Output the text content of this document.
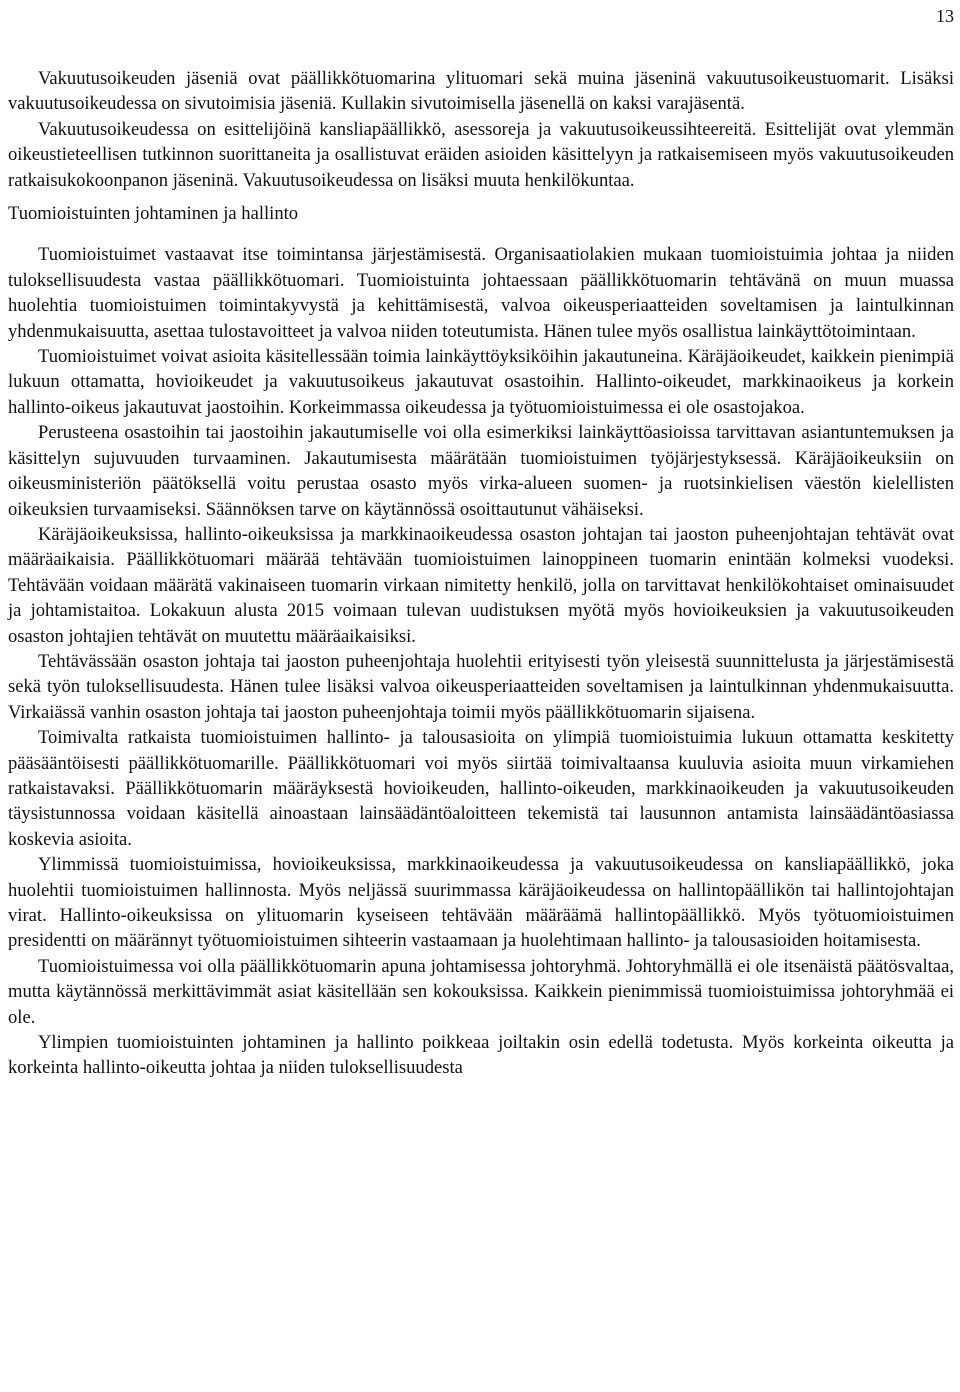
13

Vakuutusoikeuden jäseniä ovat päällikkötuomarina ylituomari sekä muina jäseninä vakuutusoikeustuomarit. Lisäksi vakuutusoikeudessa on sivutoimisia jäseniä. Kullakin sivutoimisella jäsenellä on kaksi varajäsentä.

Vakuutusoikeudessa on esittelijöinä kansliapäällikkö, asessoreja ja vakuutusoikeussihteereitä. Esittelijät ovat ylemmän oikeustieteellisen tutkinnon suorittaneita ja osallistuvat eräiden asioiden käsittelyyn ja ratkaisemiseen myös vakuutusoikeuden ratkaisukokoonpanon jäseninä. Vakuutusoikeudessa on lisäksi muuta henkilökuntaa.

Tuomioistuinten johtaminen ja hallinto

Tuomioistuimet vastaavat itse toimintansa järjestämisestä. Organisaatiolakien mukaan tuomioistuimia johtaa ja niiden tuloksellisuudesta vastaa päällikkötuomari. Tuomioistuinta johtaessaan päällikkötuomarin tehtävänä on muun muassa huolehtia tuomioistuimen toimintakyvystä ja kehittämisestä, valvoa oikeusperiaatteiden soveltamisen ja laintulkinnan yhdenmukaisuutta, asettaa tulostavoitteet ja valvoa niiden toteutumista. Hänen tulee myös osallistua lainkäyttötoimintaan.

Tuomioistuimet voivat asioita käsitellessään toimia lainkäyttöyksiköihin jakautuneina. Käräjäoikeudet, kaikkein pienimpiä lukuun ottamatta, hovioikeudet ja vakuutusoikeus jakautuvat osastoihin. Hallinto-oikeudet, markkinaoikeus ja korkein hallinto-oikeus jakautuvat jaostoihin. Korkeimmassa oikeudessa ja työtuomioistuimessa ei ole osastojakoa.

Perusteena osastoihin tai jaostoihin jakautumiselle voi olla esimerkiksi lainkäyttöasioissa tarvittavan asiantuntemuksen ja käsittelyn sujuvuuden turvaaminen. Jakautumisesta määrätään tuomioistuimen työjärjestyksessä. Käräjäoikeuksiin on oikeusministeriön päätöksellä voitu perustaa osasto myös virka-alueen suomen- ja ruotsinkielisen väestön kielellisten oikeuksien turvaamiseksi. Säännöksen tarve on käytännössä osoittautunut vähäiseksi.

Käräjäoikeuksissa, hallinto-oikeuksissa ja markkinaoikeudessa osaston johtajan tai jaoston puheenjohtajan tehtävät ovat määräaikaisia. Päällikkötuomari määrää tehtävään tuomioistuimen lainoppineen tuomarin enintään kolmeksi vuodeksi. Tehtävään voidaan määrätä vakinaiseen tuomarin virkaan nimitetty henkilö, jolla on tarvittavat henkilökohtaiset ominaisuudet ja johtamistaitoa. Lokakuun alusta 2015 voimaan tulevan uudistuksen myötä myös hovioikeuksien ja vakuutusoikeuden osaston johtajien tehtävät on muutettu määräaikaisiksi.

Tehtävässään osaston johtaja tai jaoston puheenjohtaja huolehtii erityisesti työn yleisestä suunnittelusta ja järjestämisestä sekä työn tuloksellisuudesta. Hänen tulee lisäksi valvoa oikeusperiaatteiden soveltamisen ja laintulkinnan yhdenmukaisuutta. Virkaiässä vanhin osaston johtaja tai jaoston puheenjohtaja toimii myös päällikkötuomarin sijaisena.

Toimivalta ratkaista tuomioistuimen hallinto- ja talousasioita on ylimpiä tuomioistuimia lukuun ottamatta keskitetty pääsääntöisesti päällikkötuomarille. Päällikkötuomari voi myös siirtää toimivaltaansa kuuluvia asioita muun virkamiehen ratkaistavaksi. Päällikkötuomarin määräyksestä hovioikeuden, hallinto-oikeuden, markkinaoikeuden ja vakuutusoikeuden täysistunnossa voidaan käsitellä ainoastaan lainsäädäntöaloitteen tekemistä tai lausunnon antamista lainsäädäntöasiassa koskevia asioita.

Ylimmissä tuomioistuimissa, hovioikeuksissa, markkinaoikeudessa ja vakuutusoikeudessa on kansliapäällikkö, joka huolehtii tuomioistuimen hallinnosta. Myös neljässä suurimmassa käräjäoikeudessa on hallintopäällikön tai hallintojohtajan virat. Hallinto-oikeuksissa on ylituomarin kyseiseen tehtävään määräämä hallintopäällikkö. Myös työtuomioistuimen presidentti on määrännyt työtuomioistuimen sihteerin vastaamaan ja huolehtimaan hallinto- ja talousasioiden hoitamisesta.

Tuomioistuimessa voi olla päällikkötuomarin apuna johtamisessa johtoryhmä. Johtoryhmällä ei ole itsenäistä päätösvaltaa, mutta käytännössä merkittävimmät asiat käsitellään sen kokouksissa. Kaikkein pienimmissä tuomioistuimissa johtoryhmää ei ole.

Ylimpien tuomioistuinten johtaminen ja hallinto poikkeaa joiltakin osin edellä todetusta. Myös korkeinta oikeutta ja korkeinta hallinto-oikeutta johtaa ja niiden tuloksellisuudesta
